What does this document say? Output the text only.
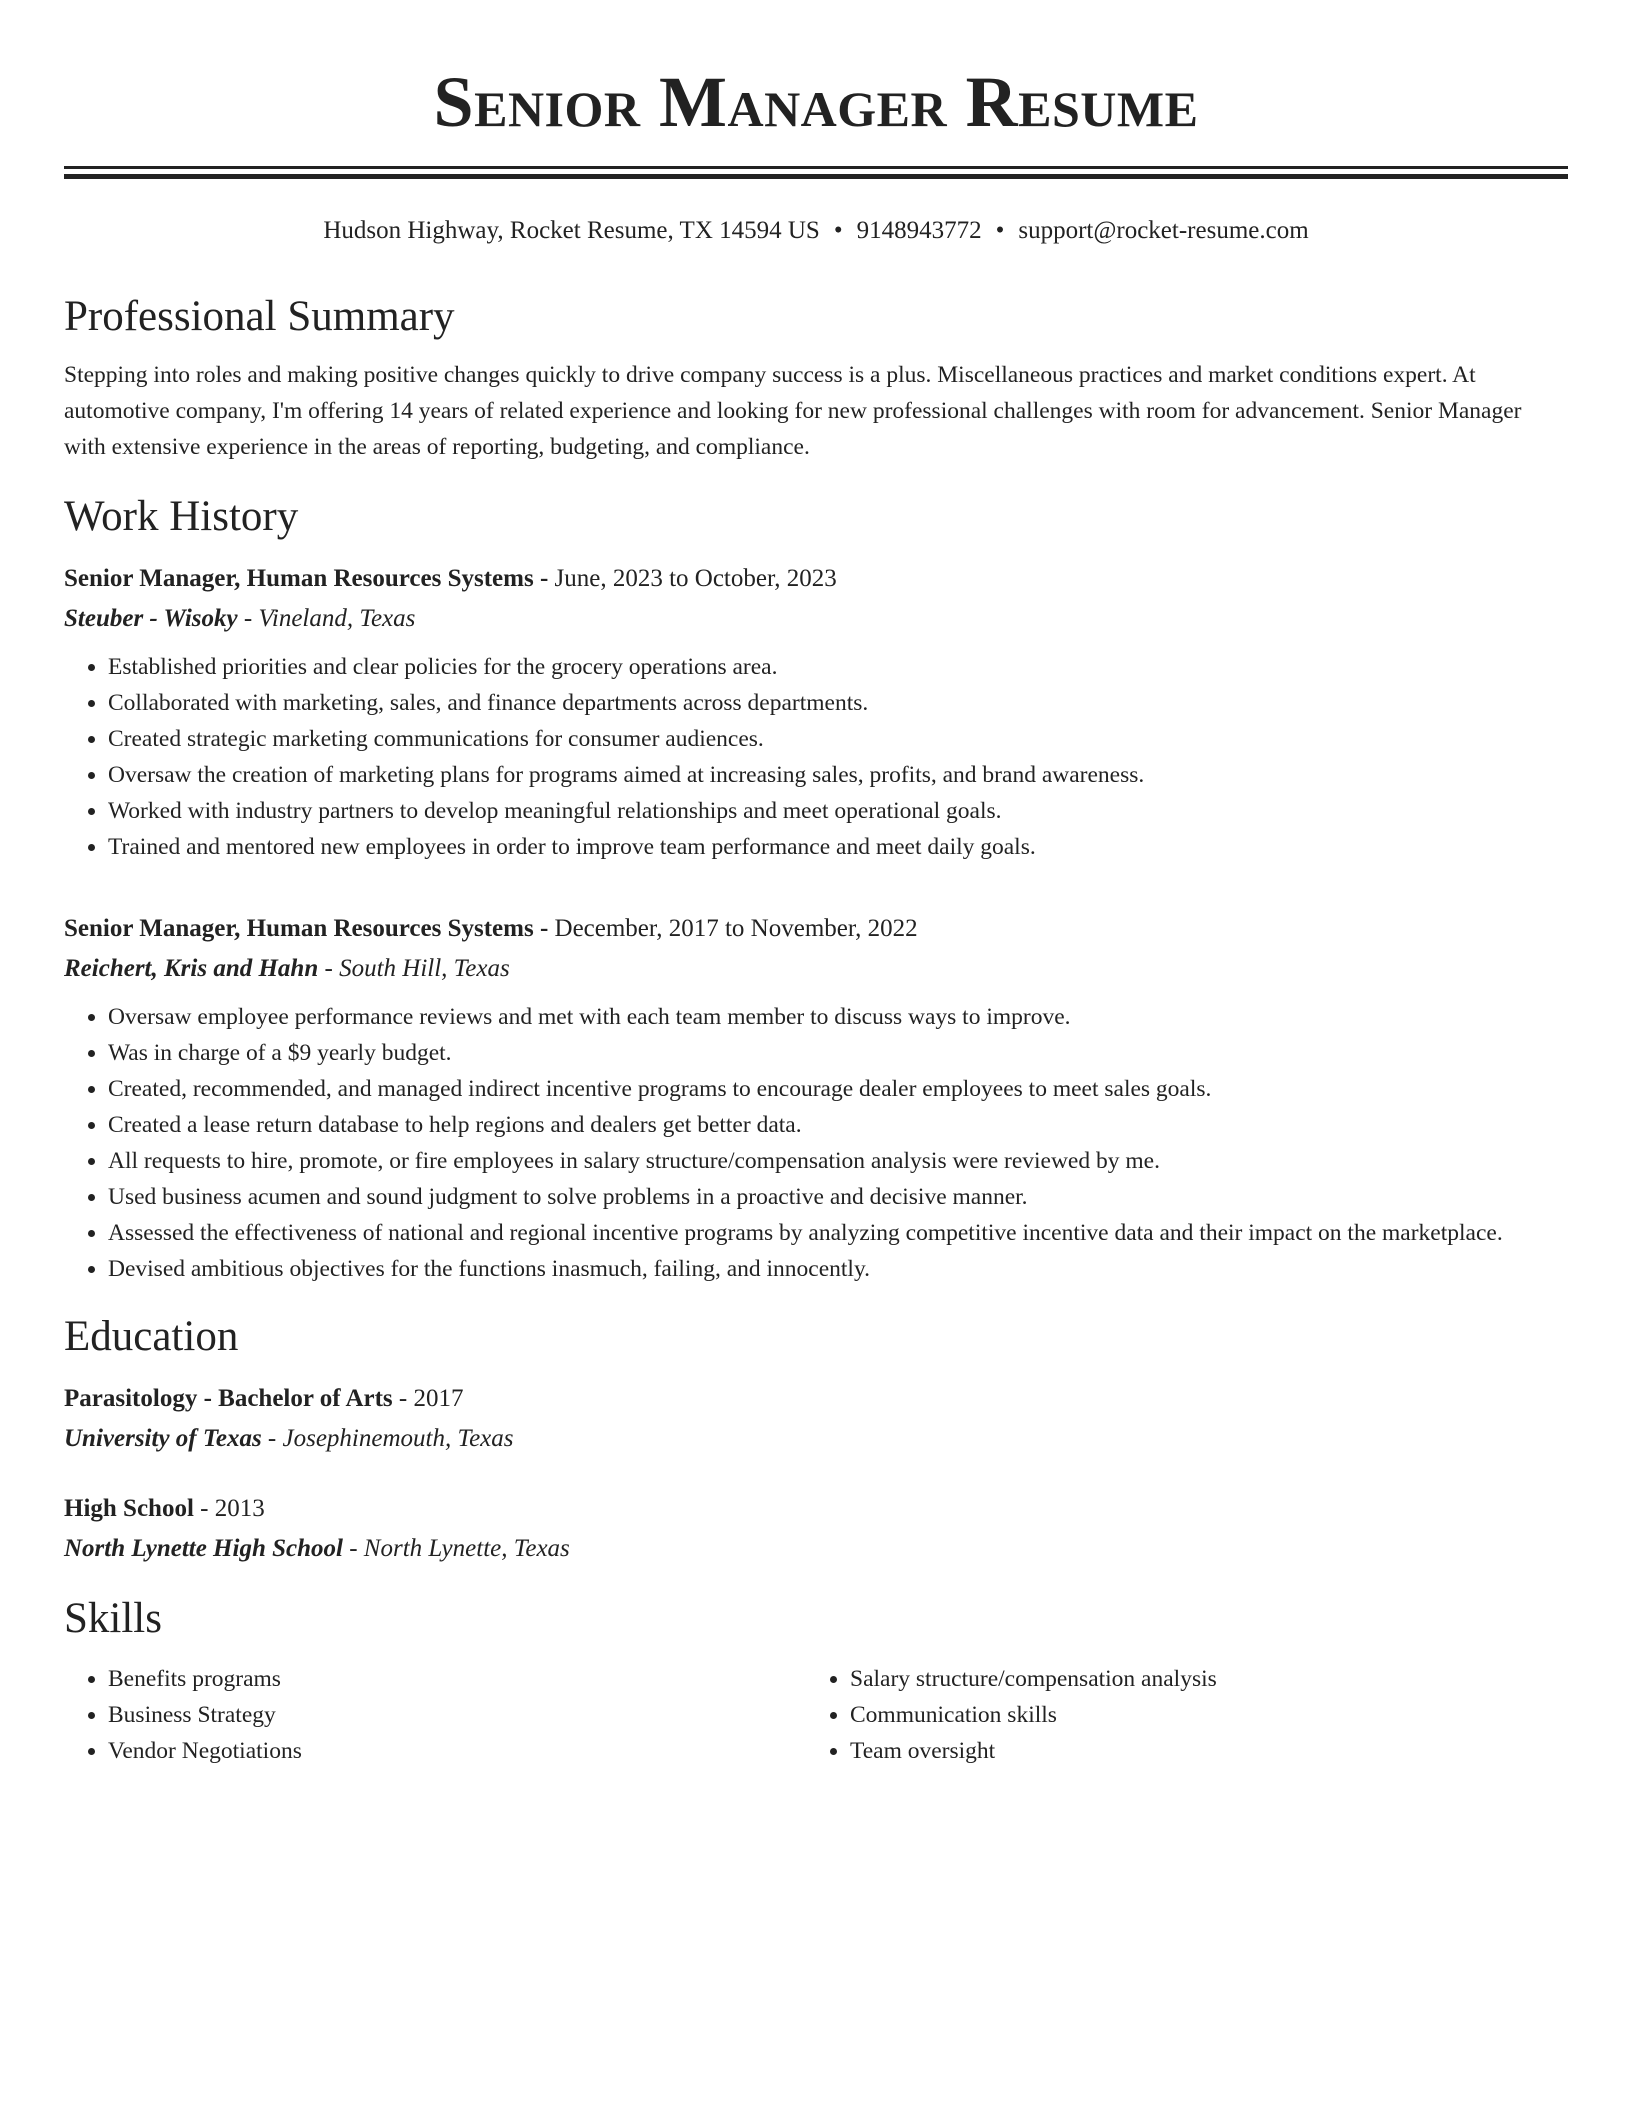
Senior Manager Resume
Hudson Highway, Rocket Resume, TX 14594 US • 9148943772 • support@rocket-resume.com
Professional Summary

Stepping into roles and making positive changes quickly to drive company success is a plus. Miscellaneous practices and market conditions expert. At automotive company, I'm offering 14 years of related experience and looking for new professional challenges with room for advancement. Senior Manager with extensive experience in the areas of reporting, budgeting, and compliance.

Work History
Senior Manager, Human Resources Systems - June, 2023 to October, 2023
Steuber - Wisoky - Vineland, Texas
• Established priorities and clear policies for the grocery operations area.
• Collaborated with marketing, sales, and finance departments across departments.
• Created strategic marketing communications for consumer audiences.
• Oversaw the creation of marketing plans for programs aimed at increasing sales, profits, and brand awareness.
• Worked with industry partners to develop meaningful relationships and meet operational goals.
• Trained and mentored new employees in order to improve team performance and meet daily goals.
Senior Manager, Human Resources Systems - December, 2017 to November, 2022
Reichert, Kris and Hahn - South Hill, Texas
• Oversaw employee performance reviews and met with each team member to discuss ways to improve.
• Was in charge of a $9 yearly budget.
• Created, recommended, and managed indirect incentive programs to encourage dealer employees to meet sales goals.
• Created a lease return database to help regions and dealers get better data.
• All requests to hire, promote, or fire employees in salary structure/compensation analysis were reviewed by me.
• Used business acumen and sound judgment to solve problems in a proactive and decisive manner.
• Assessed the effectiveness of national and regional incentive programs by analyzing competitive incentive data and their impact on the marketplace.
• Devised ambitious objectives for the functions inasmuch, failing, and innocently.
Education
Parasitology - Bachelor of Arts - 2017
University of Texas - Josephinemouth, Texas
High School - 2013
North Lynette High School - North Lynette, Texas
Skills
• Benefits programs
• Business Strategy
• Vendor Negotiations
• Salary structure/compensation analysis
• Communication skills
• Team oversight
